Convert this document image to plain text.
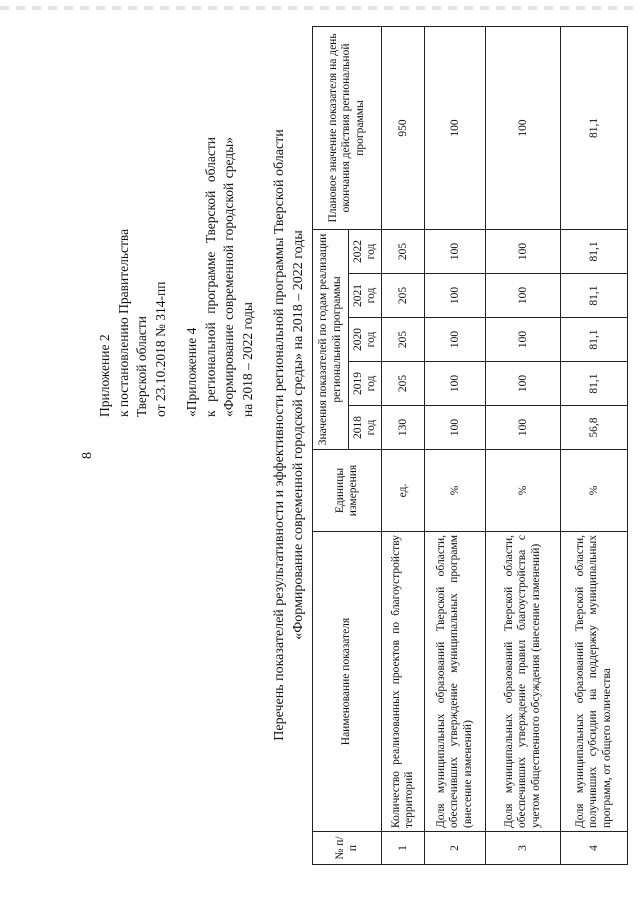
8
Приложение 2 к постановлению Правительства Тверской области от 23.10.2018 № 314-пп «Приложение 4 к
региональной
программе
Тверской
области
«Формирование
современной
городской
среды»
на 2018 – 2022 годы Перечень показателей результативности и эффективности региональной программы Тверской области «Формирование современной городской среды» на 2018 – 2022 годы
№ п/п	Наименование показателя	Единицы измерения	Значения показателей по годам реализации региональной программы					Плановое значение показателя на день окончания действия региональной программы
			2018 год	2019 год	2020 год	2021 год	2022 год	
1	Количество реализованных проектов по благоустройству территорий	ед.	130	205	205	205	205	950
2	Доля муниципальных образований Тверской области, обеспечивших утверждение муниципальных программ (внесение изменений)	%	100	100	100	100	100	100
3	Доля муниципальных образований Тверской области, обеспечивших утверждение правил благоустройства с учетом общественного обсуждения (внесение изменений)	%	100	100	100	100	100	100
4	Доля муниципальных образований Тверской области, получивших субсидии на поддержку муниципальных программ, от общего количества	%	56,8	81,1	81,1	81,1	81,1	81,1
